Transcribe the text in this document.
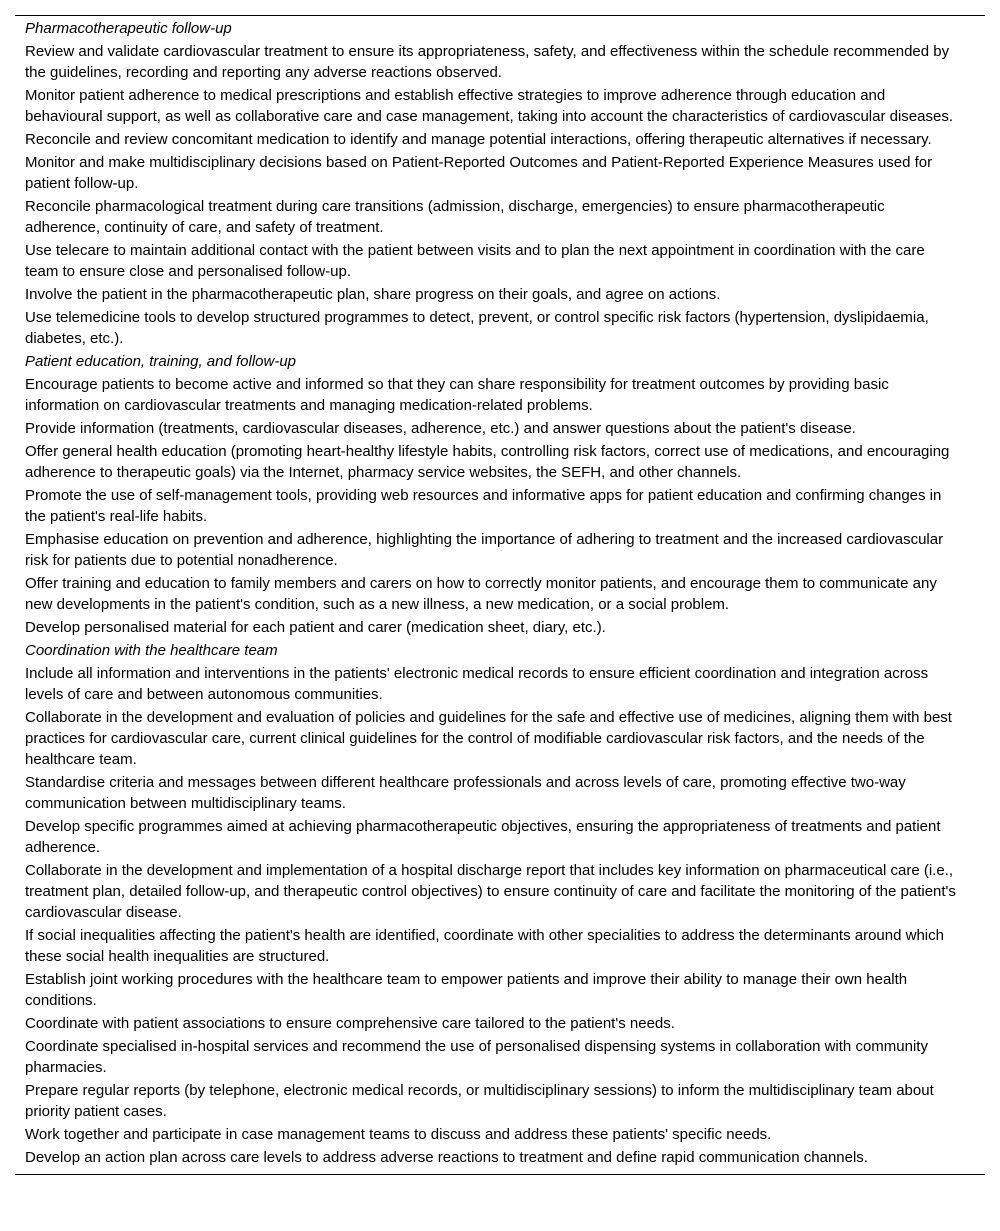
Pharmacotherapeutic follow-up
Review and validate cardiovascular treatment to ensure its appropriateness, safety, and effectiveness within the schedule recommended by the guidelines, recording and reporting any adverse reactions observed.
Monitor patient adherence to medical prescriptions and establish effective strategies to improve adherence through education and behavioural support, as well as collaborative care and case management, taking into account the characteristics of cardiovascular diseases.
Reconcile and review concomitant medication to identify and manage potential interactions, offering therapeutic alternatives if necessary.
Monitor and make multidisciplinary decisions based on Patient-Reported Outcomes and Patient-Reported Experience Measures used for patient follow-up.
Reconcile pharmacological treatment during care transitions (admission, discharge, emergencies) to ensure pharmacotherapeutic adherence, continuity of care, and safety of treatment.
Use telecare to maintain additional contact with the patient between visits and to plan the next appointment in coordination with the care team to ensure close and personalised follow-up.
Involve the patient in the pharmacotherapeutic plan, share progress on their goals, and agree on actions.
Use telemedicine tools to develop structured programmes to detect, prevent, or control specific risk factors (hypertension, dyslipidaemia, diabetes, etc.).
Patient education, training, and follow-up
Encourage patients to become active and informed so that they can share responsibility for treatment outcomes by providing basic information on cardiovascular treatments and managing medication-related problems.
Provide information (treatments, cardiovascular diseases, adherence, etc.) and answer questions about the patient's disease.
Offer general health education (promoting heart-healthy lifestyle habits, controlling risk factors, correct use of medications, and encouraging adherence to therapeutic goals) via the Internet, pharmacy service websites, the SEFH, and other channels.
Promote the use of self-management tools, providing web resources and informative apps for patient education and confirming changes in the patient's real-life habits.
Emphasise education on prevention and adherence, highlighting the importance of adhering to treatment and the increased cardiovascular risk for patients due to potential nonadherence.
Offer training and education to family members and carers on how to correctly monitor patients, and encourage them to communicate any new developments in the patient's condition, such as a new illness, a new medication, or a social problem.
Develop personalised material for each patient and carer (medication sheet, diary, etc.).
Coordination with the healthcare team
Include all information and interventions in the patients' electronic medical records to ensure efficient coordination and integration across levels of care and between autonomous communities.
Collaborate in the development and evaluation of policies and guidelines for the safe and effective use of medicines, aligning them with best practices for cardiovascular care, current clinical guidelines for the control of modifiable cardiovascular risk factors, and the needs of the healthcare team.
Standardise criteria and messages between different healthcare professionals and across levels of care, promoting effective two-way communication between multidisciplinary teams.
Develop specific programmes aimed at achieving pharmacotherapeutic objectives, ensuring the appropriateness of treatments and patient adherence.
Collaborate in the development and implementation of a hospital discharge report that includes key information on pharmaceutical care (i.e., treatment plan, detailed follow-up, and therapeutic control objectives) to ensure continuity of care and facilitate the monitoring of the patient's cardiovascular disease.
If social inequalities affecting the patient's health are identified, coordinate with other specialities to address the determinants around which these social health inequalities are structured.
Establish joint working procedures with the healthcare team to empower patients and improve their ability to manage their own health conditions.
Coordinate with patient associations to ensure comprehensive care tailored to the patient's needs.
Coordinate specialised in-hospital services and recommend the use of personalised dispensing systems in collaboration with community pharmacies.
Prepare regular reports (by telephone, electronic medical records, or multidisciplinary sessions) to inform the multidisciplinary team about priority patient cases.
Work together and participate in case management teams to discuss and address these patients' specific needs.
Develop an action plan across care levels to address adverse reactions to treatment and define rapid communication channels.
